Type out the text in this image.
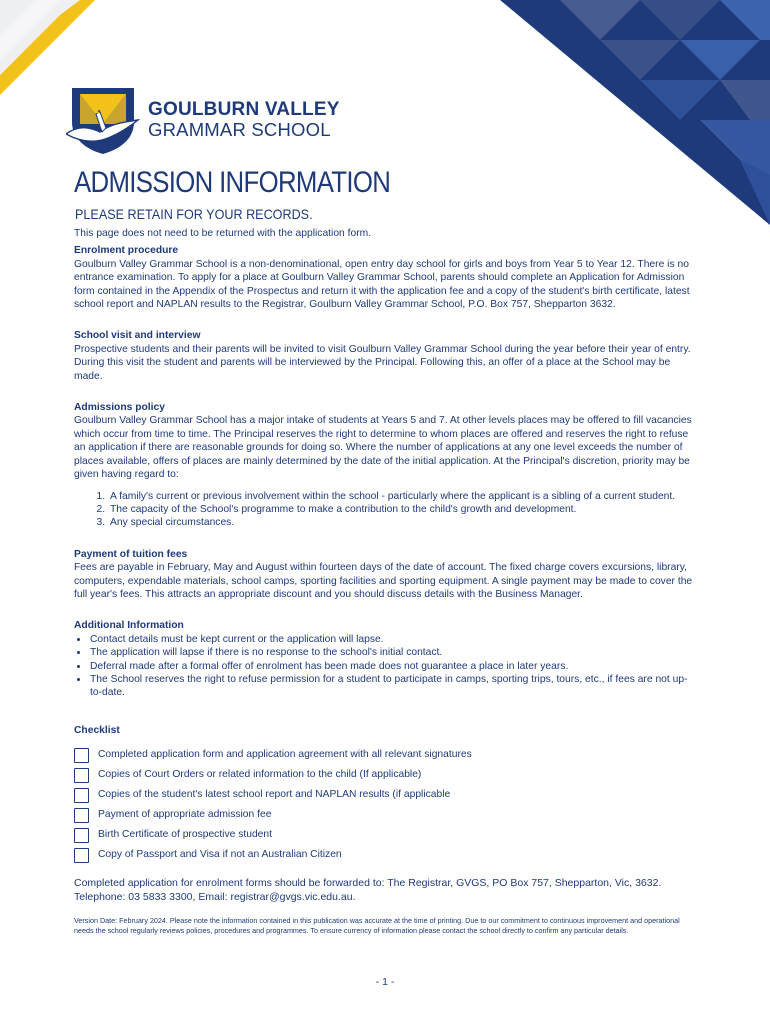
GOULBURN VALLEY
GRAMMAR SCHOOL
ADMISSION INFORMATION

PLEASE RETAIN FOR YOUR RECORDS.

This page does not need to be returned with the application form.

Enrolment procedure

Goulburn Valley Grammar School is a non-denominational, open entry day school for girls and boys from Year 5 to Year 12. There is no entrance examination. To apply for a place at Goulburn Valley Grammar School, parents should complete an Application for Admission form contained in the Appendix of the Prospectus and return it with the application fee and a copy of the student's birth certificate, latest school report and NAPLAN results to the Registrar, Goulburn Valley Grammar School, P.O. Box 757, Shepparton 3632.

School visit and interview

Prospective students and their parents will be invited to visit Goulburn Valley Grammar School during the year before their year of entry. During this visit the student and parents will be interviewed by the Principal. Following this, an offer of a place at the School may be made.

Admissions policy

Goulburn Valley Grammar School has a major intake of students at Years 5 and 7. At other levels places may be offered to fill vacancies which occur from time to time. The Principal reserves the right to determine to whom places are offered and reserves the right to refuse an application if there are reasonable grounds for doing so. Where the number of applications at any one level exceeds the number of places available, offers of places are mainly determined by the date of the initial application. At the Principal's discretion, priority may be given having regard to:

1. A family's current or previous involvement within the school - particularly where the applicant is a sibling of a current student.
2. The capacity of the School's programme to make a contribution to the child's growth and development.
3. Any special circumstances.

Payment of tuition fees

Fees are payable in February, May and August within fourteen days of the date of account. The fixed charge covers excursions, library, computers, expendable materials, school camps, sporting facilities and sporting equipment. A single payment may be made to cover the full year's fees. This attracts an appropriate discount and you should discuss details with the Business Manager.

Additional Information

• Contact details must be kept current or the application will lapse.
• The application will lapse if there is no response to the school's initial contact.
• Deferral made after a formal offer of enrolment has been made does not guarantee a place in later years.
• The School reserves the right to refuse permission for a student to participate in camps, sporting trips, tours, etc., if fees are not up-to-date.

Checklist

Completed application form and application agreement with all relevant signatures
Copies of Court Orders or related information to the child (If applicable)
Copies of the student's latest school report and NAPLAN results (if applicable
Payment of appropriate admission fee
Birth Certificate of prospective student
Copy of Passport and Visa if not an Australian Citizen

Completed application for enrolment forms should be forwarded to: The Registrar, GVGS, PO Box 757, Shepparton, Vic, 3632. Telephone: 03 5833 3300, Email: registrar@gvgs.vic.edu.au.

Version Date: February 2024. Please note the information contained in this publication was accurate at the time of printing. Due to our commitment to continuous improvement and operational needs the school regularly reviews policies, procedures and programmes. To ensure currency of information please contact the school directly to confirm any particular details.

- 1 -
